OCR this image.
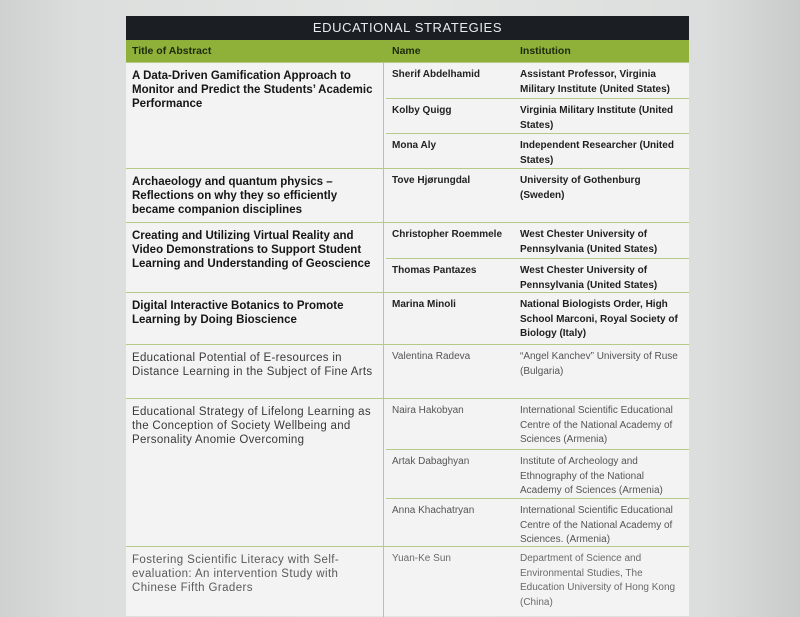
EDUCATIONAL STRATEGIES
Title of Abstract	Name	Institution
A Data-Driven Gamification Approach to Monitor and Predict the Students’ Academic Performance
Sherif Abdelhamid	Assistant Professor, Virginia Military Institute (United States)
Kolby Quigg	Virginia Military Institute (United States)
Mona Aly	Independent Researcher (United States)
Archaeology and quantum physics – Reflections on why they so efficiently became companion disciplines
Tove Hjørungdal	University of Gothenburg (Sweden)
Creating and Utilizing Virtual Reality and Video Demonstrations to Support Student Learning and Understanding of Geoscience
Christopher Roemmele	West Chester University of Pennsylvania (United States)
Thomas Pantazes	West Chester University of Pennsylvania (United States)
Digital Interactive Botanics to Promote Learning by Doing Bioscience
Marina Minoli	National Biologists Order, High School Marconi, Royal Society of Biology (Italy)
Educational Potential of E-resources in Distance Learning in the Subject of Fine Arts
Valentina Radeva	“Angel Kanchev” University of Ruse (Bulgaria)
Educational Strategy of Lifelong Learning as the Conception of Society Wellbeing and Personality Anomie Overcoming
Naira Hakobyan	International Scientific Educational Centre of the National Academy of Sciences (Armenia)
Artak Dabaghyan	Institute of Archeology and Ethnography of the National Academy of Sciences (Armenia)
Anna Khachatryan	International Scientific Educational Centre of the National Academy of Sciences. (Armenia)
Fostering Scientific Literacy with Self-evaluation: An intervention Study with Chinese Fifth Graders
Yuan-Ke Sun	Department of Science and Environmental Studies, The Education University of Hong Kong (China)
